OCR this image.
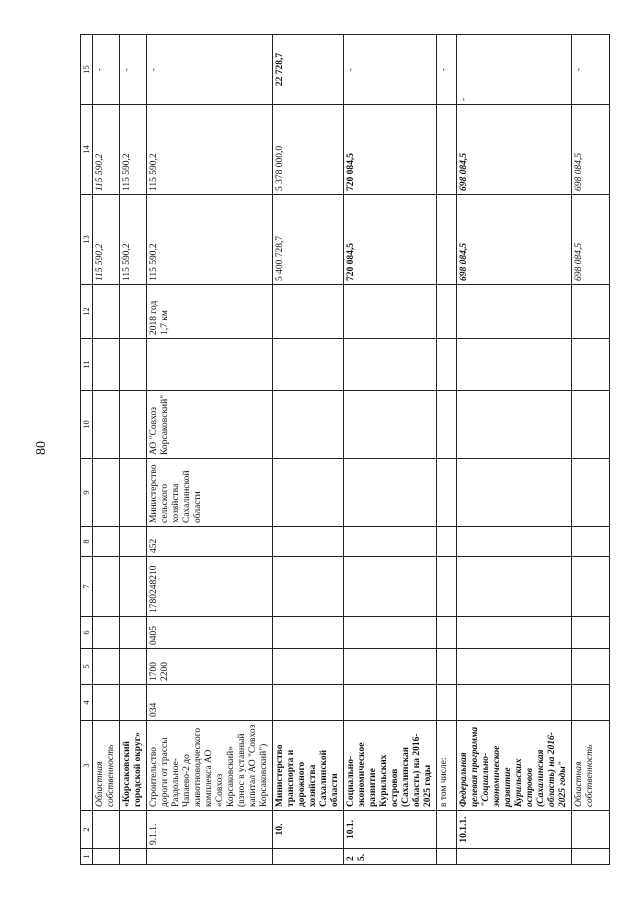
80
1	2	3	4	5	6	7	8	9	10	11	12	13	14	15
		Областная собственность										115 590,2	115 590,2	-
		«Корсаковский городской округ»										115 590,2	115 590,2	-
	9.1.1.	Строительство дороги от трассы Раздольное-Чапаево-2 до животноводческого комплекса АО «Совхоз Корсаковский» (взнос в уставный капитал АО "Совхоз Корсаковский")	034	1700 2200	0405	1780248210	452	Министерство сельского хозяйства Сахалинской области	АО "Совхоз Корсаковский"		2018 год 1,7 км	115 590,2	115 590,2	-
	10.	Министерство транспорта и дорожного хозяйства Сахалинской области										5 400 728,7	5 378 000,0	22 728,7
25.	10.1.	Социально-экономическое развитие Курильских островов (Сахалинская область) на 2016-2025 годы										720 084,5	720 084,5	-
		в том числе:												-
	10.1.1.	Федеральная целевая программа "Социально-экономическое развитие Курильских островов (Сахалинская область) на 2016-2025 годы"										698 084,5	698 084,5	-
		Областная собственность										698 084,5	698 084,5	-
